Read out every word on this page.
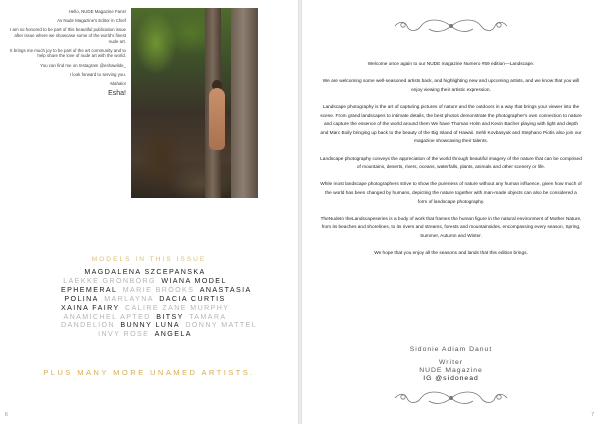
Hello, NUDE Magazine Fans!

As Nude Magazine's Editor in Chief

I am so honored to be part of this beautiful publication issue after issue where we showcase some of the world's finest nude art.

It brings me much joy to be part of the art community and to help share the love of nude art with the world.

You can find me on Instagram @eshawilde_

I look forward to serving you.

Mahalo!

Esha!

MODELS IN THIS ISSUE
MAGDALENA SZCEPANSKA
LAEKKE GRONBORG WIANA MODEL
EPHEMERAL MARIE BROOKS ANASTASIA
POLINA MARLAYNA DACIA CURTIS
XAINA FAIRY CALIRE ZANE MURPHY
ANAMICHEL APTED BITSY TAMARA
DANDELION BUNNY LUNA DONNY MATTEL
INVY ROSE ANGELA
PLUS MANY MORE UNAMED ARTISTS.
6

Welcome once again to our NUDE magazine Numero #59 edition—Landscape.

We are welcoming some well-seasoned artists back, and highlighting new and upcoming artists, and we know that you will enjoy viewing their artistic expression.

Landscape photography is the art of capturing pictures of nature and the outdoors in a way that brings your viewer into the scene. From grand landscapes to intimate details, the best photos demonstrate the photographer's own connection to nature and capture the essence of the world around them We have Thomas Holm and Kevin Bacher playing with light and depth and Marc Boily bringing up back to the beauty of the Big Island of Hawaii. Sehli Kovbasyuk and Stephano Piotis also join our magazine showcasing their talents.

Landscape photography conveys the appreciation of the world through beautiful imagery of the nature that can be comprised of mountains, deserts, rivers, oceans, waterfalls, plants, animals and other scenery or life.

While most landscape photographers strive to show the pureness of nature without any human influence, given how much of the world has been changed by humans, depicting the nature together with man-made objects can also be considered a form of landscape photography.

TheNudeIn theLandscapeseries is a body of work that frames the human figure in the natural environment of Mother Nature, from its beaches and shorelines, to its rivers and streams, forests and mountainsides, encompassing every season, Spring, Summer, Autumn and Winter.

We hope that you enjoy all the seasons and lands that this edition brings.

Sidonie Adiam Danut
Writer
NUDE Magazine
IG @sidonead
7
